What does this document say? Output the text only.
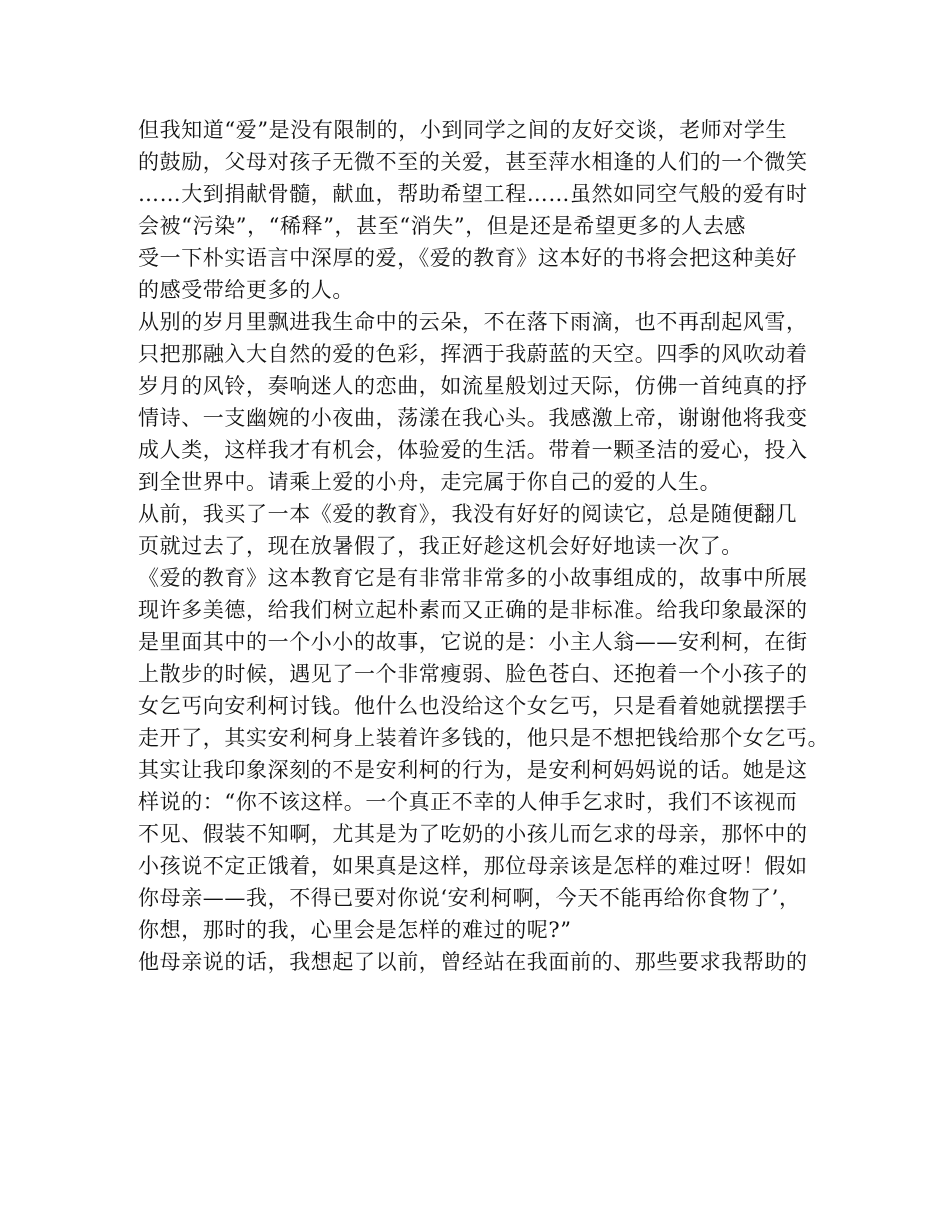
但我知道“爱”是没有限制的，小到同学之间的友好交谈，老师对学生
的鼓励，父母对孩子无微不至的关爱，甚至萍水相逢的人们的一个微笑
……大到捐献骨髓，献血，帮助希望工程……虽然如同空气般的爱有时
会被“污染”，“稀释”，甚至“消失”，但是还是希望更多的人去感
受一下朴实语言中深厚的爱，《爱的教育》这本好的书将会把这种美好
的感受带给更多的人。
从别的岁月里飘进我生命中的云朵，不在落下雨滴，也不再刮起风雪，
只把那融入大自然的爱的色彩，挥洒于我蔚蓝的天空。四季的风吹动着
岁月的风铃，奏响迷人的恋曲，如流星般划过天际，仿佛一首纯真的抒
情诗、一支幽婉的小夜曲，荡漾在我心头。我感激上帝，谢谢他将我变
成人类，这样我才有机会，体验爱的生活。带着一颗圣洁的爱心，投入
到全世界中。请乘上爱的小舟，走完属于你自己的爱的人生。
从前，我买了一本《爱的教育》，我没有好好的阅读它，总是随便翻几
页就过去了，现在放暑假了，我正好趁这机会好好地读一次了。
《爱的教育》这本教育它是有非常非常多的小故事组成的，故事中所展
现许多美德，给我们树立起朴素而又正确的是非标准。给我印象最深的
是里面其中的一个小小的故事，它说的是：小主人翁——安利柯，在街
上散步的时候，遇见了一个非常瘦弱、脸色苍白、还抱着一个小孩子的
女乞丐向安利柯讨钱。他什么也没给这个女乞丐，只是看着她就摆摆手
走开了，其实安利柯身上装着许多钱的，他只是不想把钱给那个女乞丐。
其实让我印象深刻的不是安利柯的行为，是安利柯妈妈说的话。她是这
样说的：“你不该这样。一个真正不幸的人伸手乞求时，我们不该视而
不见、假装不知啊，尤其是为了吃奶的小孩儿而乞求的母亲，那怀中的
小孩说不定正饿着，如果真是这样，那位母亲该是怎样的难过呀！假如
你母亲——我，不得已要对你说‘安利柯啊，今天不能再给你食物了’，
你想，那时的我，心里会是怎样的难过的呢?”
他母亲说的话，我想起了以前，曾经站在我面前的、那些要求我帮助的
